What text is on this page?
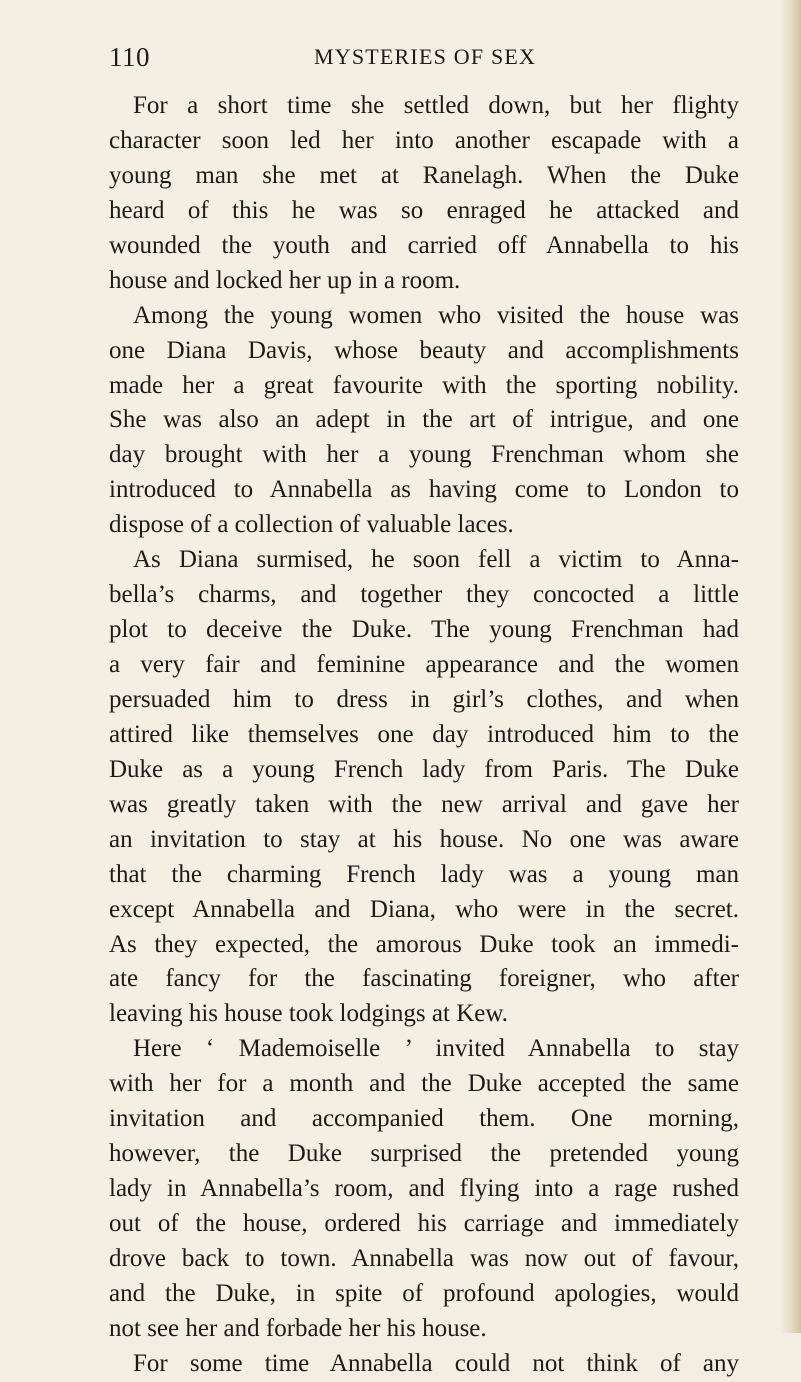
110	MYSTERIES OF SEX
For a short time she settled down, but her flighty
character soon led her into another escapade with a
young man she met at Ranelagh. When the Duke
heard of this he was so enraged he attacked and
wounded the youth and carried off Annabella to his
house and locked her up in a room.
Among the young women who visited the house was
one Diana Davis, whose beauty and accomplishments
made her a great favourite with the sporting nobility.
She was also an adept in the art of intrigue, and one
day brought with her a young Frenchman whom she
introduced to Annabella as having come to London to
dispose of a collection of valuable laces.
As Diana surmised, he soon fell a victim to Anna-
bella’s charms, and together they concocted a little
plot to deceive the Duke. The young Frenchman had
a very fair and feminine appearance and the women
persuaded him to dress in girl’s clothes, and when
attired like themselves one day introduced him to the
Duke as a young French lady from Paris. The Duke
was greatly taken with the new arrival and gave her
an invitation to stay at his house. No one was aware
that the charming French lady was a young man
except Annabella and Diana, who were in the secret.
As they expected, the amorous Duke took an immedi-
ate fancy for the fascinating foreigner, who after
leaving his house took lodgings at Kew.
Here ‘ Mademoiselle ’ invited Annabella to stay
with her for a month and the Duke accepted the same
invitation and accompanied them. One morning,
however, the Duke surprised the pretended young
lady in Annabella’s room, and flying into a rage rushed
out of the house, ordered his carriage and immediately
drove back to town. Annabella was now out of favour,
and the Duke, in spite of profound apologies, would
not see her and forbade her his house.
For some time Annabella could not think of any
